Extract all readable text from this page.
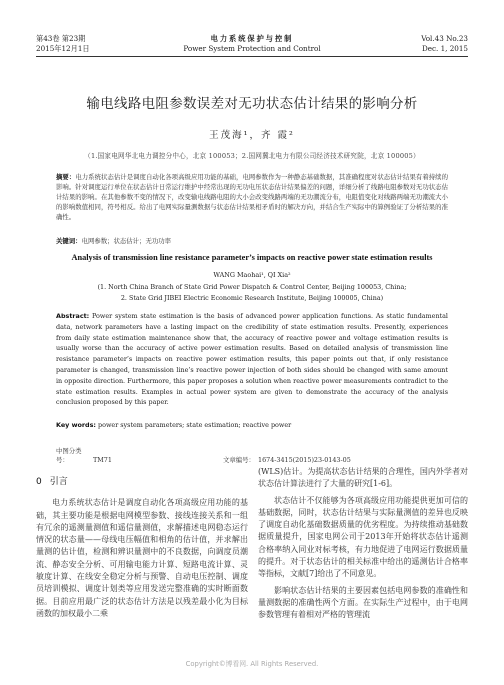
第43卷 第23期
2015年12月1日
电力系统保护与控制
Power System Protection and Control
Vol.43 No.23
Dec. 1, 2015
输电线路电阻参数误差对无功状态估计结果的影响分析
王茂海¹，齐 霞²
（1.国家电网华北电力调控分中心，北京 100053；2.国网冀北电力有限公司经济技术研究院，北京 100005）
摘要：电力系统状态估计是调度自动化各项高级应用功能的基础，电网参数作为一种静态基础数据，其准确程度对状态估计结果有着持续的影响。针对调度运行单位在状态估计日常运行维护中经常出现的无功电压状态估计结果偏差的问题，详细分析了线路电阻参数对无功状态估计结果的影响。在其他参数不变的情况下，改变输电线路电阻的大小会改变线路两端的无功潮流分布，电阻值变化对线路两端无功潮流大小的影响数值相同，符号相反。给出了电网实际量测数据与状态估计结果相矛盾时的解决方向，并结合生产实际中的算例验证了分析结果的准确性。
关键词：电网参数；状态估计；无功功率
Analysis of transmission line resistance parameter’s impacts on reactive power state estimation results
WANG Maohai¹, QI Xia²
(1. North China Branch of State Grid Power Dispatch & Control Center, Beijing 100053, China;
2. State Grid JIBEI Electric Economic Research Institute, Beijing 100005, China)
Abstract: Power system state estimation is the basis of advanced power application functions. As static fundamental data, network parameters have a lasting impact on the credibility of state estimation results. Presently, experiences from daily state estimation maintenance show that, the accuracy of reactive power and voltage estimation results is usually worse than the accuracy of active power estimation results. Based on detailed analysis of transmission line resistance parameter’s impacts on reactive power estimation results, this paper points out that, if only resistance parameter is changed, transmission line’s reactive power injection of both sides should be changed with same amount in opposite direction. Furthermore, this paper proposes a solution when reactive power measurements contradict to the state estimation results. Examples in actual power system are given to demonstrate the accuracy of the analysis conclusion proposed by this paper.
Key words: power system parameters; state estimation; reactive power
中图分类号：	TM71	文章编号： 1674-3415(2015)23-0143-05
0 引言

电力系统状态估计是调度自动化各项高级应用功能的基础，其主要功能是根据电网模型参数、接线连接关系和一组有冗余的遥测量测值和遥信量测值，求解描述电网稳态运行情况的状态量——母线电压幅值和相角的估计值，并求解出量测的估计值，检测和辨识量测中的不良数据，向调度员潮流、静态安全分析、可用输电能力计算、短路电流计算、灵敏度计算、在线安全稳定分析与预警、自动电压控制、调度员培训模拟、调度计划类等应用发送完整准确的实时断面数据。目前应用最广泛的状态估计方法是以残差最小化为目标函数的加权最小二乘

(WLS)估计。为提高状态估计结果的合理性，国内外学者对状态估计算法进行了大量的研究[1-6]。

状态估计不仅能够为各项高级应用功能提供更加可信的基础数据，同时，状态估计结果与实际量测值的差异也反映了调度自动化基础数据质量的优劣程度。为持续推动基础数据质量提升，国家电网公司于2013年开始将状态估计遥测合格率纳入同业对标考核，有力地促进了电网运行数据质量的提升。对于状态估计的相关标准中给出的遥测估计合格率等指标，文献[7]给出了不同意见。

影响状态估计结果的主要因素包括电网参数的准确性和量测数据的准确性两个方面。在实际生产过程中，由于电网参数管理有着相对严格的管理流

Copyright©博看网. All Rights Reserved.
